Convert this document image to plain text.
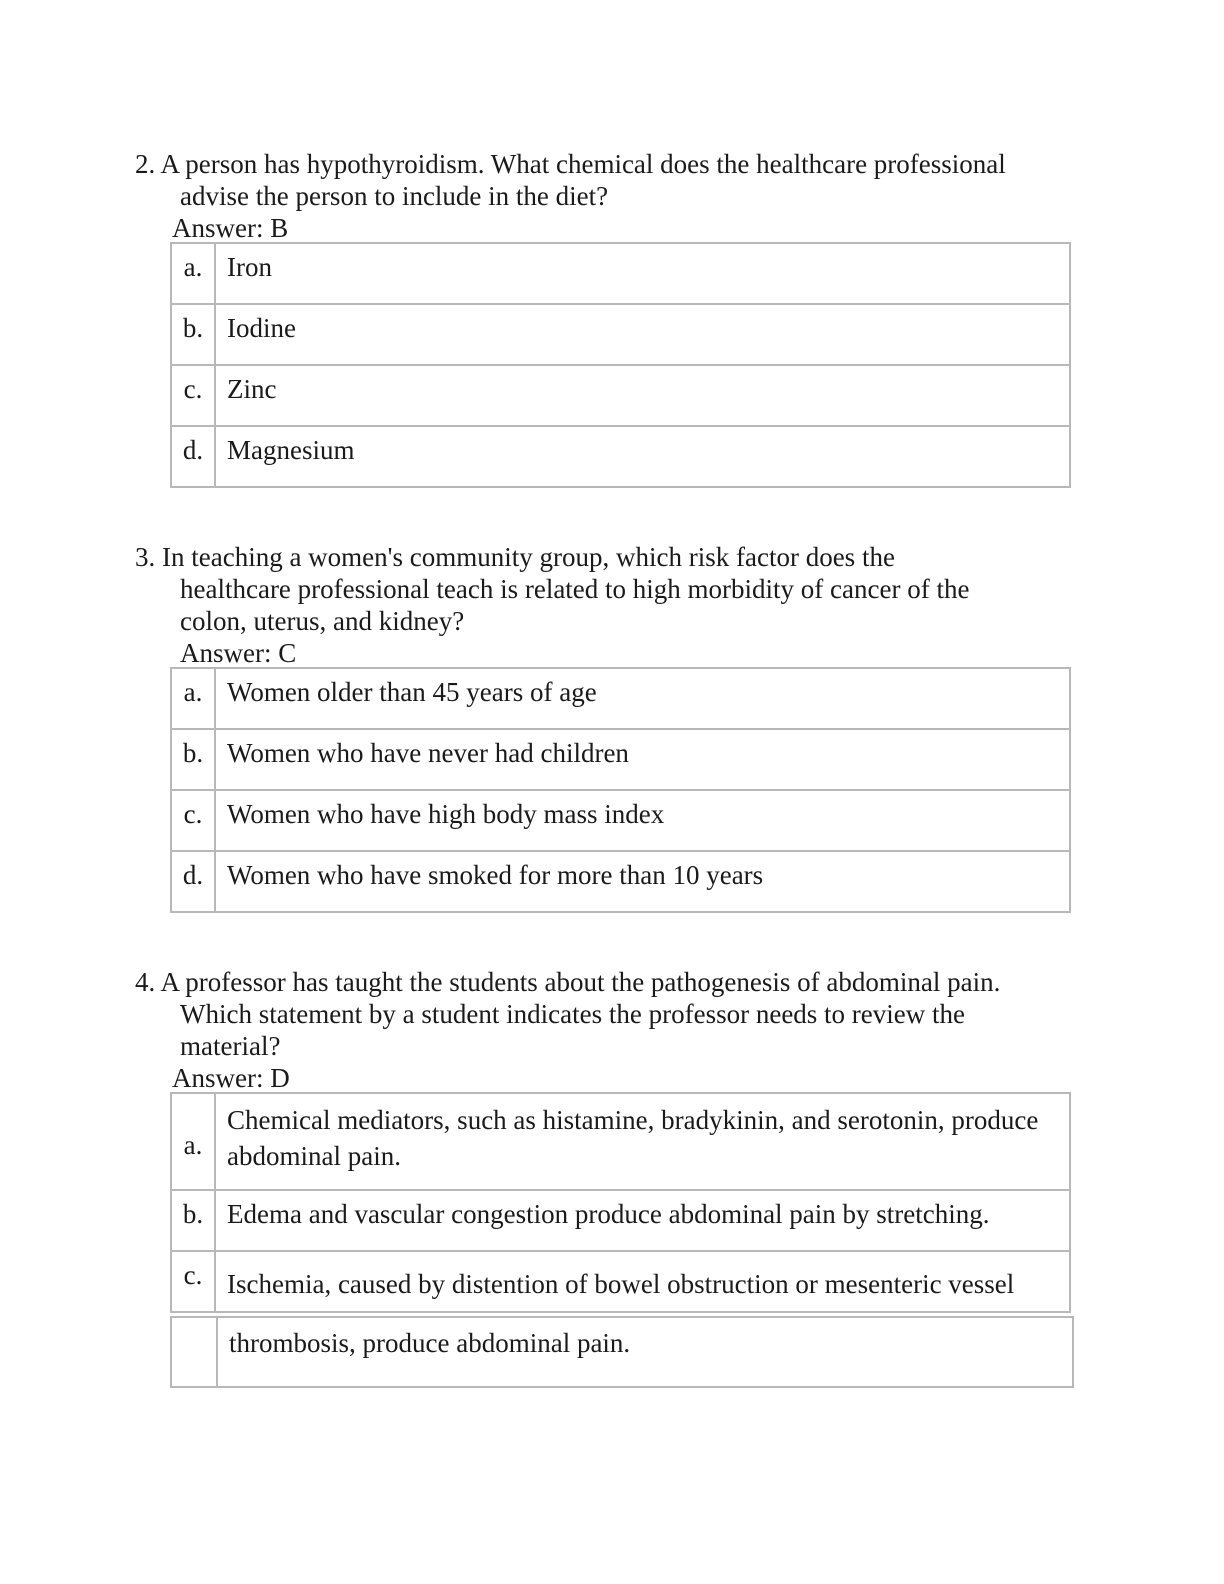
2. A person has hypothyroidism. What chemical does the healthcare professional
advise the person to include in the diet?
Answer: B
a.	Iron
b.	Iodine
c.	Zinc
d.	Magnesium
3. In teaching a women's community group, which risk factor does the
healthcare professional teach is related to high morbidity of cancer of the
colon, uterus, and kidney?
Answer: C
a.	Women older than 45 years of age
b.	Women who have never had children
c.	Women who have high body mass index
d.	Women who have smoked for more than 10 years
4. A professor has taught the students about the pathogenesis of abdominal pain.
Which statement by a student indicates the professor needs to review the
material?
Answer: D
a.	Chemical mediators, such as histamine, bradykinin, and serotonin, produce
abdominal pain.

b.	Edema and vascular congestion produce abdominal pain by stretching.
c.	Ischemia, caused by distention of bowel obstruction or mesenteric vessel
	thrombosis, produce abdominal pain.
